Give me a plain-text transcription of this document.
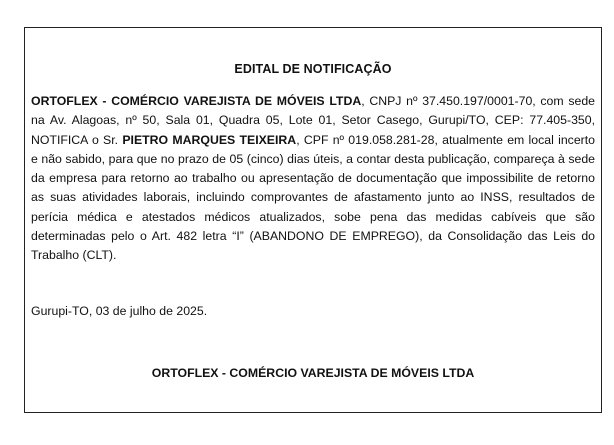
EDITAL DE NOTIFICAÇÃO
ORTOFLEX - COMÉRCIO VAREJISTA DE MÓVEIS LTDA, CNPJ nº 37.450.197/0001-70, com sede na Av. Alagoas, nº 50, Sala 01, Quadra 05, Lote 01, Setor Casego, Gurupi/TO, CEP: 77.405-350, NOTIFICA o Sr. PIETRO MARQUES TEIXEIRA, CPF nº 019.058.281-28, atualmente em local incerto e não sabido, para que no prazo de 05 (cinco) dias úteis, a contar desta publicação, compareça à sede da empresa para retorno ao trabalho ou apresentação de documentação que impossibilite de retorno as suas atividades laborais, incluindo comprovantes de afastamento junto ao INSS, resultados de perícia médica e atestados médicos atualizados, sobe pena das medidas cabíveis que são determinadas pelo o Art. 482 letra “I” (ABANDONO DE EMPREGO), da Consolidação das Leis do Trabalho (CLT).
Gurupi-TO, 03 de julho de 2025.
ORTOFLEX - COMÉRCIO VAREJISTA DE MÓVEIS LTDA
